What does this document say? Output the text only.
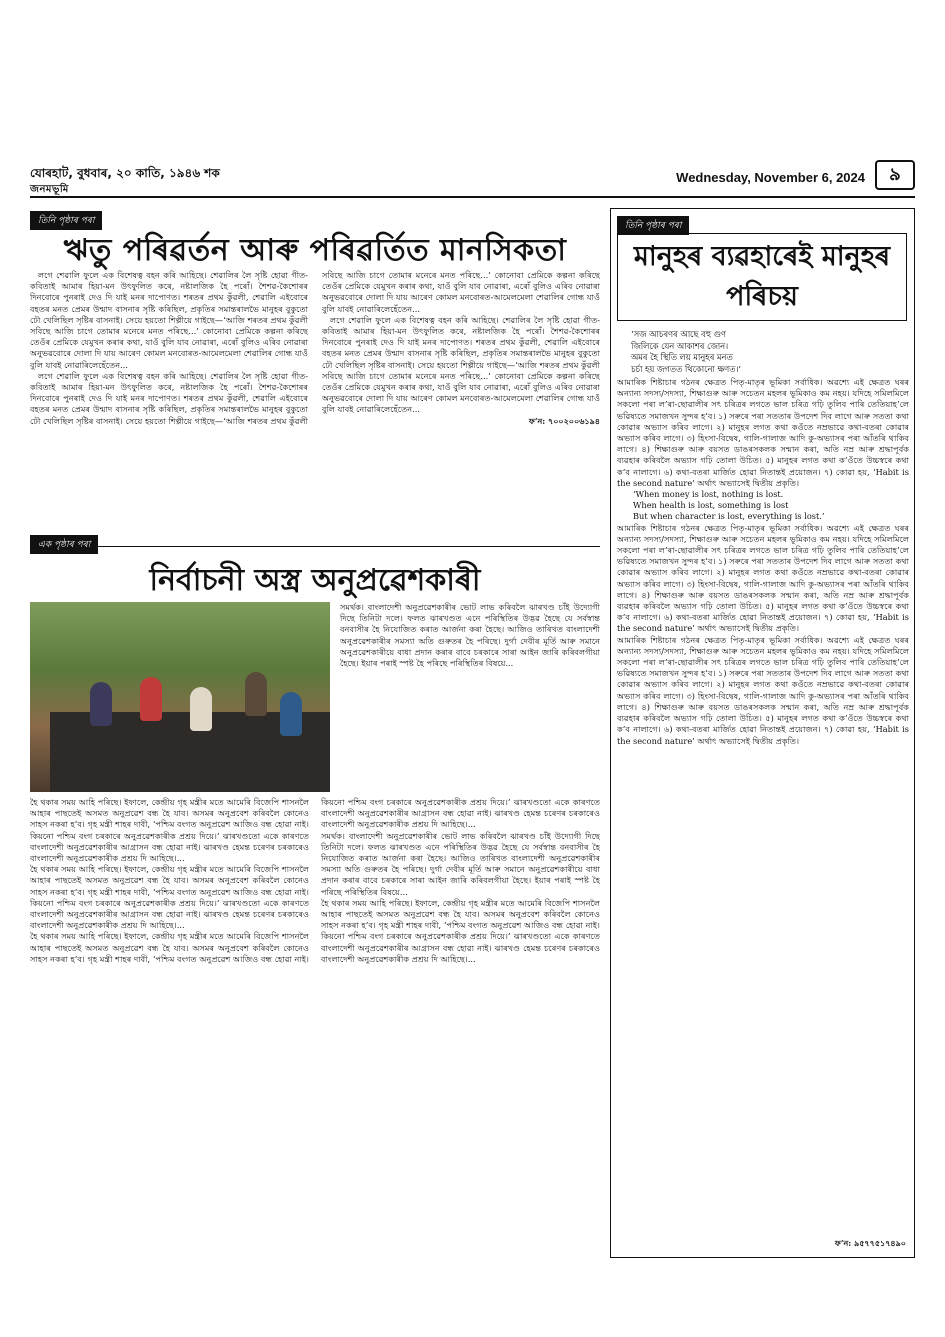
যোৰহাট, বুধবাৰ, ২০ কাতি, ১৯৪৬ শক
জনমভূমি
Wednesday, November 6, 2024	৯
তিনি পৃষ্ঠাৰ পৰা
ঋতু পৰিৱৰ্তন আৰু পৰিৱৰ্তিত মানসিকতা

লগে শেৱালি ফুলে এক বিশেষত্ব বহন কৰি আহিছে। শেৱালিৰ লৈ সৃষ্টি হোৱা গীত-কবিতাই আমাৰ হিয়া-মন উৎফুলিত কৰে, নষ্টালজিক হৈ পৰোঁ। শৈশৱ-কৈশোৰৰ দিনবোৰে পুনৰাই দেও দি যাই মনৰ দাপোণত। শৰতৰ প্ৰথম কুঁৱলী, শেৱালি এইবোৰে বহতৰ মনত প্ৰেমৰ উন্মাদ বাসনাৰ সৃষ্টি কৰিছিল, প্ৰকৃতিৰ সমান্তৰালভৈ মানুহৰ বুকুতো ঢৌ খেলিছিল সৃষ্টিৰ বাসনাই। সেয়ে হয়তো শিল্পীয়ে গাইছে—‘আজি শৰতৰ প্ৰথম কুঁৱলী সবিছে আজি চাগে তোমাৰ মনেৰে মনত পৰিছে...’ কোনোবা প্ৰেমিকে কল্পনা কৰিছে তেওঁৰ প্ৰেমিকে যেমুখন কৰাৰ কথা, যাওঁ বুলি যাব নোৱাৰা, এৰোঁ বুলিও এৰিব নোৱাৰা অনুভৱবোৰে দোলা দি যায় আৰেণ কোমল মনবোৰত-আমেলমেলা শেৱালিৰ গোন্ধ যাওঁ বুলি যাবই নোৱাৰিলেহেঁতেন...

লগে শেৱালি ফুলে এক বিশেষত্ব বহন কৰি আহিছে। শেৱালিৰ লৈ সৃষ্টি হোৱা গীত-কবিতাই আমাৰ হিয়া-মন উৎফুলিত কৰে, নষ্টালজিক হৈ পৰোঁ। শৈশৱ-কৈশোৰৰ দিনবোৰে পুনৰাই দেও দি যাই মনৰ দাপোণত। শৰতৰ প্ৰথম কুঁৱলী, শেৱালি এইবোৰে বহতৰ মনত প্ৰেমৰ উন্মাদ বাসনাৰ সৃষ্টি কৰিছিল, প্ৰকৃতিৰ সমান্তৰালভৈ মানুহৰ বুকুতো ঢৌ খেলিছিল সৃষ্টিৰ বাসনাই। সেয়ে হয়তো শিল্পীয়ে গাইছে—‘আজি শৰতৰ প্ৰথম কুঁৱলী সবিছে আজি চাগে তোমাৰ মনেৰে মনত পৰিছে...’ কোনোবা প্ৰেমিকে কল্পনা কৰিছে তেওঁৰ প্ৰেমিকে যেমুখন কৰাৰ কথা, যাওঁ বুলি যাব নোৱাৰা, এৰোঁ বুলিও এৰিব নোৱাৰা অনুভৱবোৰে দোলা দি যায় আৰেণ কোমল মনবোৰত-আমেলমেলা শেৱালিৰ গোন্ধ যাওঁ বুলি যাবই নোৱাৰিলেহেঁতেন...

লগে শেৱালি ফুলে এক বিশেষত্ব বহন কৰি আহিছে। শেৱালিৰ লৈ সৃষ্টি হোৱা গীত-কবিতাই আমাৰ হিয়া-মন উৎফুলিত কৰে, নষ্টালজিক হৈ পৰোঁ। শৈশৱ-কৈশোৰৰ দিনবোৰে পুনৰাই দেও দি যাই মনৰ দাপোণত। শৰতৰ প্ৰথম কুঁৱলী, শেৱালি এইবোৰে বহতৰ মনত প্ৰেমৰ উন্মাদ বাসনাৰ সৃষ্টি কৰিছিল, প্ৰকৃতিৰ সমান্তৰালভৈ মানুহৰ বুকুতো ঢৌ খেলিছিল সৃষ্টিৰ বাসনাই। সেয়ে হয়তো শিল্পীয়ে গাইছে—‘আজি শৰতৰ প্ৰথম কুঁৱলী সবিছে আজি চাগে তোমাৰ মনেৰে মনত পৰিছে...’ কোনোবা প্ৰেমিকে কল্পনা কৰিছে তেওঁৰ প্ৰেমিকে যেমুখন কৰাৰ কথা, যাওঁ বুলি যাব নোৱাৰা, এৰোঁ বুলিও এৰিব নোৱাৰা অনুভৱবোৰে দোলা দি যায় আৰেণ কোমল মনবোৰত-আমেলমেলা শেৱালিৰ গোন্ধ যাওঁ বুলি যাবই নোৱাৰিলেহেঁতেন...

ফ’ন: ৭০০২০০৬১৯৪
এক পৃষ্ঠাৰ পৰা
নিৰ্বাচনী অস্ত্ৰ অনুপ্ৰৱেশকাৰী
সমৰ্থক। বাংলাদেশী অনুপ্ৰৱেশকাৰীৰ ভোট লাভ কৰিবলৈ ঝাৰখণ্ড চাঁই উদ্যোগী দিছে তিনিটা দলে। ফলত ঝাৰখণ্ডত এনে পৰিস্থিতিৰ উদ্ভৱ হৈছে যে সৰ্বস্বান্ত বনবাসীৰ হৈ নিযোজিত কৰাত আৰ্জনা কৰা হৈছে। আজিও তাৰিখত বাংলাদেশী অনুপ্ৰৱেশকাৰীৰ সমস্যা অতি গুৰুতৰ হৈ পৰিছে। দুৰ্গা দেবীৰ মূৰ্তি আৰু সমানে অনুপ্ৰৱেশকাৰীয়ে বাধা প্ৰদান কৰাৰ বাবে চৰকাৰে সাৰা আইন জাৰি কৰিবলগীয়া হৈছে। ইয়াৰ পৰাই স্পষ্ট হৈ পৰিছে পৰিস্থিতিৰ বিষয়ে...

হৈ থকাৰ সময় আহি পৰিছে। ইফালে, কেন্দ্ৰীয় গৃহ মন্ত্ৰীৰ মতে আমেৰি বিজেপি শাসনলৈ আহাৰ পাছতেই অসমত অনুপ্ৰৱেশ বন্ধ হৈ যাব। অসমৰ অনুপ্ৰবেশ কৰিবলৈ কোনেও সাহস নকৰা হ’ব। গৃহ মন্ত্ৰী শাহৰ দাবী, ‘পশ্চিম বংগত অনুপ্ৰৱেশ আজিও বন্ধ হোৱা নাই। কিয়নো পশ্চিম বংগ চৰকাৰে অনুপ্ৰৱেশকাৰীক প্ৰশ্ৰয় দিয়ে।’ ঝাৰখণ্ডতো একে কাৰণতে বাংলাদেশী অনুপ্ৰৱেশকাৰীৰ আগ্ৰাসন বন্ধ হোৱা নাই। ঝাৰখণ্ড হেমন্ত চৰেণৰ চৰকাৰেও বাংলাদেশী অনুপ্ৰৱেশকাৰীক প্ৰশ্ৰয় দি আহিছে।...

হৈ থকাৰ সময় আহি পৰিছে। ইফালে, কেন্দ্ৰীয় গৃহ মন্ত্ৰীৰ মতে আমেৰি বিজেপি শাসনলৈ আহাৰ পাছতেই অসমত অনুপ্ৰৱেশ বন্ধ হৈ যাব। অসমৰ অনুপ্ৰবেশ কৰিবলৈ কোনেও সাহস নকৰা হ’ব। গৃহ মন্ত্ৰী শাহৰ দাবী, ‘পশ্চিম বংগত অনুপ্ৰৱেশ আজিও বন্ধ হোৱা নাই। কিয়নো পশ্চিম বংগ চৰকাৰে অনুপ্ৰৱেশকাৰীক প্ৰশ্ৰয় দিয়ে।’ ঝাৰখণ্ডতো একে কাৰণতে বাংলাদেশী অনুপ্ৰৱেশকাৰীৰ আগ্ৰাসন বন্ধ হোৱা নাই। ঝাৰখণ্ড হেমন্ত চৰেণৰ চৰকাৰেও বাংলাদেশী অনুপ্ৰৱেশকাৰীক প্ৰশ্ৰয় দি আহিছে।...

হৈ থকাৰ সময় আহি পৰিছে। ইফালে, কেন্দ্ৰীয় গৃহ মন্ত্ৰীৰ মতে আমেৰি বিজেপি শাসনলৈ আহাৰ পাছতেই অসমত অনুপ্ৰৱেশ বন্ধ হৈ যাব। অসমৰ অনুপ্ৰবেশ কৰিবলৈ কোনেও সাহস নকৰা হ’ব। গৃহ মন্ত্ৰী শাহৰ দাবী, ‘পশ্চিম বংগত অনুপ্ৰৱেশ আজিও বন্ধ হোৱা নাই। কিয়নো পশ্চিম বংগ চৰকাৰে অনুপ্ৰৱেশকাৰীক প্ৰশ্ৰয় দিয়ে।’ ঝাৰখণ্ডতো একে কাৰণতে বাংলাদেশী অনুপ্ৰৱেশকাৰীৰ আগ্ৰাসন বন্ধ হোৱা নাই। ঝাৰখণ্ড হেমন্ত চৰেণৰ চৰকাৰেও বাংলাদেশী অনুপ্ৰৱেশকাৰীক প্ৰশ্ৰয় দি আহিছে।...

সমৰ্থক। বাংলাদেশী অনুপ্ৰৱেশকাৰীৰ ভোট লাভ কৰিবলৈ ঝাৰখণ্ড চাঁই উদ্যোগী দিছে তিনিটা দলে। ফলত ঝাৰখণ্ডত এনে পৰিস্থিতিৰ উদ্ভৱ হৈছে যে সৰ্বস্বান্ত বনবাসীৰ হৈ নিযোজিত কৰাত আৰ্জনা কৰা হৈছে। আজিও তাৰিখত বাংলাদেশী অনুপ্ৰৱেশকাৰীৰ সমস্যা অতি গুৰুতৰ হৈ পৰিছে। দুৰ্গা দেবীৰ মূৰ্তি আৰু সমানে অনুপ্ৰৱেশকাৰীয়ে বাধা প্ৰদান কৰাৰ বাবে চৰকাৰে সাৰা আইন জাৰি কৰিবলগীয়া হৈছে। ইয়াৰ পৰাই স্পষ্ট হৈ পৰিছে পৰিস্থিতিৰ বিষয়ে...

হৈ থকাৰ সময় আহি পৰিছে। ইফালে, কেন্দ্ৰীয় গৃহ মন্ত্ৰীৰ মতে আমেৰি বিজেপি শাসনলৈ আহাৰ পাছতেই অসমত অনুপ্ৰৱেশ বন্ধ হৈ যাব। অসমৰ অনুপ্ৰবেশ কৰিবলৈ কোনেও সাহস নকৰা হ’ব। গৃহ মন্ত্ৰী শাহৰ দাবী, ‘পশ্চিম বংগত অনুপ্ৰৱেশ আজিও বন্ধ হোৱা নাই। কিয়নো পশ্চিম বংগ চৰকাৰে অনুপ্ৰৱেশকাৰীক প্ৰশ্ৰয় দিয়ে।’ ঝাৰখণ্ডতো একে কাৰণতে বাংলাদেশী অনুপ্ৰৱেশকাৰীৰ আগ্ৰাসন বন্ধ হোৱা নাই। ঝাৰখণ্ড হেমন্ত চৰেণৰ চৰকাৰেও বাংলাদেশী অনুপ্ৰৱেশকাৰীক প্ৰশ্ৰয় দি আহিছে।...

তিনি পৃষ্ঠাৰ পৰা
মানুহৰ ব্যৱহাৰেই মানুহৰ পৰিচয়
‘সজ আচৰণৰ আছে বহু গুণ
জিলিকে যেন আকাশৰ জোন।
অমৰ হৈ স্থিতি লয় মানুহৰ মনত
চৰ্চা হয় জগতত থিকোনো ক্ষণত।’

আমাৰিক শিষ্টাচাৰ গঠনৰ ক্ষেত্ৰত পিতৃ-মাতৃৰ ভূমিকা সৰ্বাধিক। অৱশ্যে এই ক্ষেত্ৰত ঘৰৰ অন্যান্য সদস্য/সদস্যা, শিক্ষাগুৰু আৰু সচেতন মহলৰ ভূমিকাও কম নহয়। যদিহে সমিলমিলে সকলো পৰা ল’ৰা-ছোৱালীৰ সৎ চৰিত্ৰৰ লগতে ভাল চৰিত্ৰ গঢ়ি তুলিব পাৰি তেতিয়াহ’লে ভৱিষ্যতে সমাজখন সুন্দৰ হ’ব। ১) সৰুৰে পৰা সততাৰ উপদেশ দিব লাগে আৰু সততা কথা কোৱাৰ অভ্যাস কৰিব লাগে। ২) মানুহৰ লগত কথা কওঁতে নম্ৰভাৱে কথা-বতৰা কোৱাৰ অভ্যাস কৰিব লাগে। ৩) হিংসা-বিদ্বেষ, গালি-গালাজ আদি কু-অভ্যাসৰ পৰা আঁতৰি থাকিব লাগে। ৪) শিক্ষাগুৰু আৰু বয়সত ডাঙৰসকলক সন্মান কৰা, অতি নম্ৰ আৰু শ্ৰদ্ধাপূৰ্বক ব্যৱহাৰ কৰিবলৈ অভ্যাস গঢ়ি তোলা উচিত। ৫) মানুহৰ লগত কথা ক’ওঁতে উচ্চস্বৰে কথা ক’ব নালাগে। ৬) কথা-বতৰা মাৰ্জিত হোৱা নিতান্তই প্ৰয়োজন। ৭) কোৱা হয়, ‘Habit is the second nature’ অৰ্থাৎ অভ্যাসেই দ্বিতীয় প্ৰকৃতি।

‘When money is lost, nothing is lost.
When health is lost, something is lost
But when character is lost, everything is lost.’

আমাৰিক শিষ্টাচাৰ গঠনৰ ক্ষেত্ৰত পিতৃ-মাতৃৰ ভূমিকা সৰ্বাধিক। অৱশ্যে এই ক্ষেত্ৰত ঘৰৰ অন্যান্য সদস্য/সদস্যা, শিক্ষাগুৰু আৰু সচেতন মহলৰ ভূমিকাও কম নহয়। যদিহে সমিলমিলে সকলো পৰা ল’ৰা-ছোৱালীৰ সৎ চৰিত্ৰৰ লগতে ভাল চৰিত্ৰ গঢ়ি তুলিব পাৰি তেতিয়াহ’লে ভৱিষ্যতে সমাজখন সুন্দৰ হ’ব। ১) সৰুৰে পৰা সততাৰ উপদেশ দিব লাগে আৰু সততা কথা কোৱাৰ অভ্যাস কৰিব লাগে। ২) মানুহৰ লগত কথা কওঁতে নম্ৰভাৱে কথা-বতৰা কোৱাৰ অভ্যাস কৰিব লাগে। ৩) হিংসা-বিদ্বেষ, গালি-গালাজ আদি কু-অভ্যাসৰ পৰা আঁতৰি থাকিব লাগে। ৪) শিক্ষাগুৰু আৰু বয়সত ডাঙৰসকলক সন্মান কৰা, অতি নম্ৰ আৰু শ্ৰদ্ধাপূৰ্বক ব্যৱহাৰ কৰিবলৈ অভ্যাস গঢ়ি তোলা উচিত। ৫) মানুহৰ লগত কথা ক’ওঁতে উচ্চস্বৰে কথা ক’ব নালাগে। ৬) কথা-বতৰা মাৰ্জিত হোৱা নিতান্তই প্ৰয়োজন। ৭) কোৱা হয়, ‘Habit is the second nature’ অৰ্থাৎ অভ্যাসেই দ্বিতীয় প্ৰকৃতি।

আমাৰিক শিষ্টাচাৰ গঠনৰ ক্ষেত্ৰত পিতৃ-মাতৃৰ ভূমিকা সৰ্বাধিক। অৱশ্যে এই ক্ষেত্ৰত ঘৰৰ অন্যান্য সদস্য/সদস্যা, শিক্ষাগুৰু আৰু সচেতন মহলৰ ভূমিকাও কম নহয়। যদিহে সমিলমিলে সকলো পৰা ল’ৰা-ছোৱালীৰ সৎ চৰিত্ৰৰ লগতে ভাল চৰিত্ৰ গঢ়ি তুলিব পাৰি তেতিয়াহ’লে ভৱিষ্যতে সমাজখন সুন্দৰ হ’ব। ১) সৰুৰে পৰা সততাৰ উপদেশ দিব লাগে আৰু সততা কথা কোৱাৰ অভ্যাস কৰিব লাগে। ২) মানুহৰ লগত কথা কওঁতে নম্ৰভাৱে কথা-বতৰা কোৱাৰ অভ্যাস কৰিব লাগে। ৩) হিংসা-বিদ্বেষ, গালি-গালাজ আদি কু-অভ্যাসৰ পৰা আঁতৰি থাকিব লাগে। ৪) শিক্ষাগুৰু আৰু বয়সত ডাঙৰসকলক সন্মান কৰা, অতি নম্ৰ আৰু শ্ৰদ্ধাপূৰ্বক ব্যৱহাৰ কৰিবলৈ অভ্যাস গঢ়ি তোলা উচিত। ৫) মানুহৰ লগত কথা ক’ওঁতে উচ্চস্বৰে কথা ক’ব নালাগে। ৬) কথা-বতৰা মাৰ্জিত হোৱা নিতান্তই প্ৰয়োজন। ৭) কোৱা হয়, ‘Habit is the second nature’ অৰ্থাৎ অভ্যাসেই দ্বিতীয় প্ৰকৃতি।

ফ’ন: ৯৫৭৭৫১৭৪৯০
